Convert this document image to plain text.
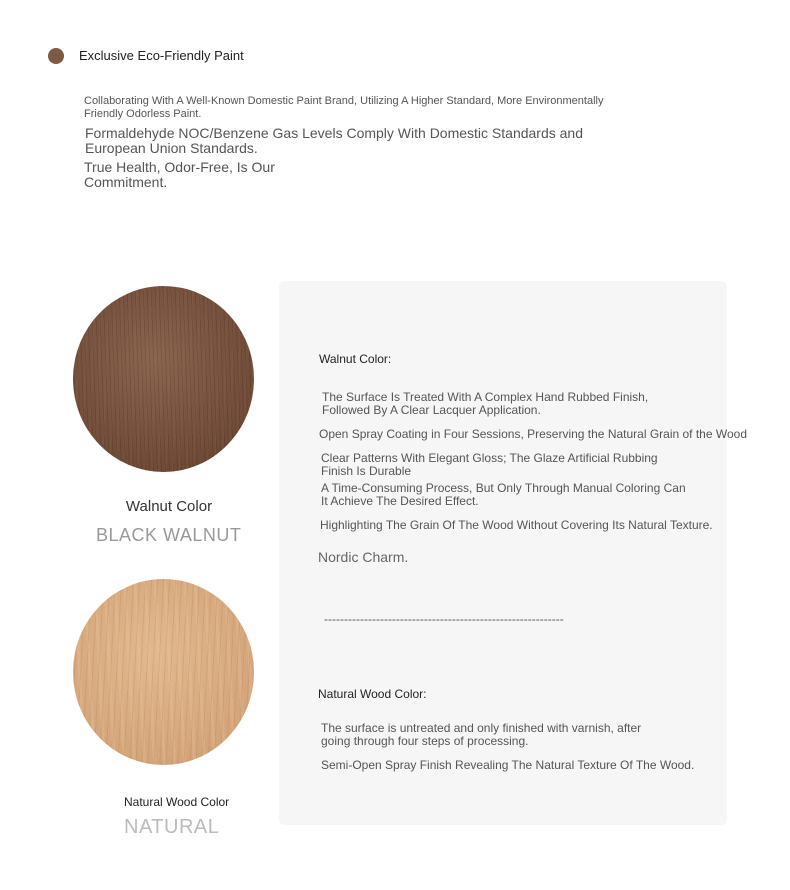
Exclusive Eco-Friendly Paint
Collaborating With A Well-Known Domestic Paint Brand, Utilizing A Higher Standard, More Environmentally Friendly Odorless Paint.
Formaldehyde NOC/Benzene Gas Levels Comply With Domestic Standards and European Union Standards.
True Health, Odor-Free, Is Our Commitment.
Walnut Color
BLACK WALNUT
Natural Wood Color
NATURAL
Walnut Color:
The Surface Is Treated With A Complex Hand Rubbed Finish, Followed By A Clear Lacquer Application.
Open Spray Coating in Four Sessions, Preserving the Natural Grain of the Wood
Clear Patterns With Elegant Gloss; The Glaze Artificial Rubbing Finish Is Durable
A Time-Consuming Process, But Only Through Manual Coloring Can It Achieve The Desired Effect.
Highlighting The Grain Of The Wood Without Covering Its Natural Texture.
Nordic Charm.
------------------------------------------------------------
Natural Wood Color:
The surface is untreated and only finished with varnish, after going through four steps of processing.
Semi-Open Spray Finish Revealing The Natural Texture Of The Wood.
